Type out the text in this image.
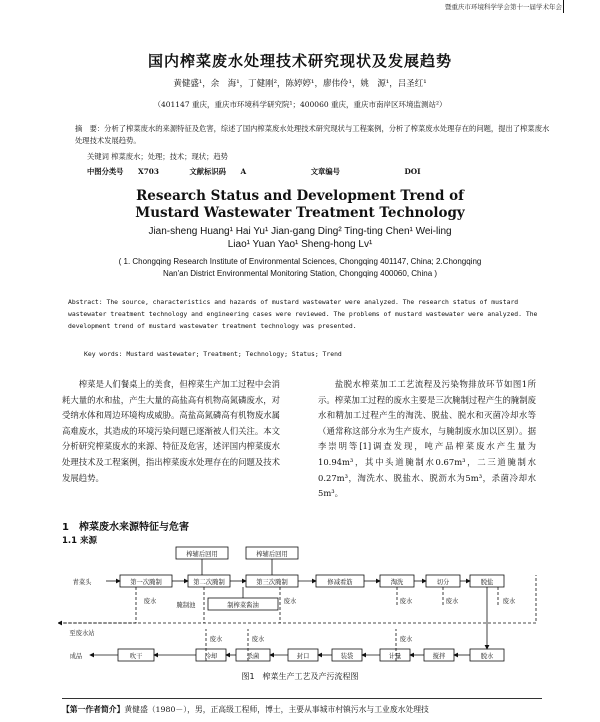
暨重庆市环境科学学会第十一届学术年会
国内榨菜废水处理技术研究现状及发展趋势
黄健盛¹，余　海¹，丁健刚²，陈婷婷¹，廖伟伶¹，姚　源¹，吕圣红¹
（401147 重庆，重庆市环境科学研究院¹；400060 重庆，重庆市南岸区环境监测站²）
摘　要：分析了榨菜废水的来源特征及危害，综述了国内榨菜废水处理技术研究现状与工程案例，分析了榨菜废水处理存在的问题，提出了榨菜废水处理技术发展趋势。
关键词 榨菜废水；处理；技术；现状；趋势
中图分类号 X703	文献标识码 A	文章编号	DOI
Research Status and Development Trend of
Mustard Wastewater Treatment Technology
Jian-sheng Huang¹ Hai Yu¹ Jian-gang Ding² Ting-ting Chen¹ Wei-ling
Liao¹ Yuan Yao¹ Sheng-hong Lv¹
( 1. Chongqing Research Institute of Environmental Sciences, Chongqing 401147, China; 2.Chongqing
Nan'an District Environmental Monitoring Station, Chongqing 400060, China )
Abstract: The source, characteristics and hazards of mustard wastewater were analyzed. The research status of mustard wastewater treatment technology and engineering cases were reviewed. The problems of mustard wastewater were analyzed. The development trend of mustard wastewater treatment technology was presented.
Key words: Mustard wastewater; Treatment; Technology; Status; Trend
榨菜是人们餐桌上的美食，但榨菜生产加工过程中会消耗大量的水和盐，产生大量的高盐高有机物高氮磷废水，对受纳水体和周边环境构成威胁。高盐高氮磷高有机物废水属高难废水，其造成的环境污染问题已逐渐被人们关注。本文分析研究榨菜废水的来源、特征及危害，述评国内榨菜废水处理技术及工程案例，指出榨菜废水处理存在的问题及技术发展趋势。
盐脱水榨菜加工工艺流程及污染物排放环节如图1所示。榨菜加工过程的废水主要是三次腌制过程产生的腌制废水和精加工过程产生的淘洗、脱盐、脱水和灭菌冷却水等（通常称这部分水为生产废水，与腌制废水加以区别）。据李崇明等[1]调查发现，吨产品榨菜废水产生量为10.94m³，其中头道腌制水0.67m³，二三道腌制水0.27m³，淘洗水、脱盐水、脱沥水为5m³，杀菌冷却水5m³。
1　榨菜废水来源特征与危害
1.1 来源
榨辅后回用	榨辅后回用
青菜头	第一次腌制	第二次腌制	第三次腌制	修减看筋	淘洗	切分	脱盐
腌制池	制榨菜酱油
废水	废水	废水	废水	废水
废水	废水	废水
至废水站
成品	吹干	冷却	杀菌	封口	装袋	计量	搅拌	脱水
图1　榨菜生产工艺及产污流程图
【第一作者简介】黄健盛（1980－），男，正高级工程师，博士，主要从事城市村镇污水与工业废水处理技
